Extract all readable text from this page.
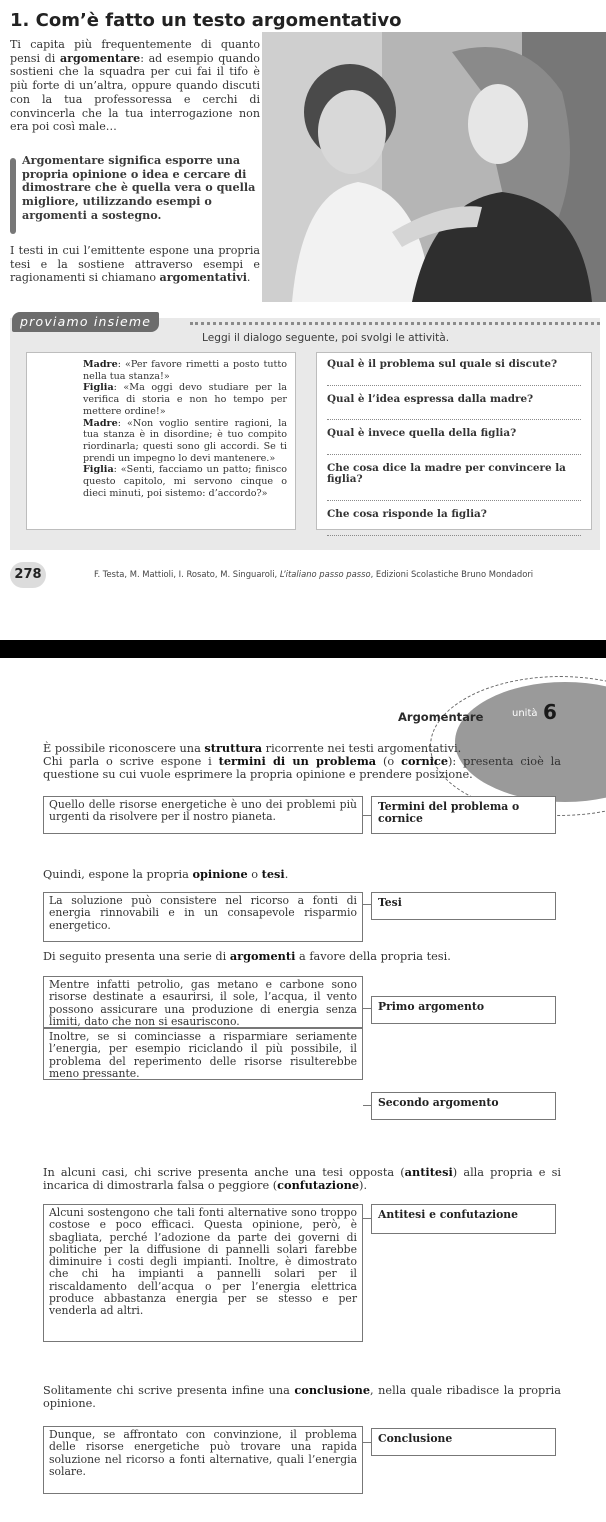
1. Com’è fatto un testo argomentativo
Ti capita più frequentemente di quanto pensi di argomentare: ad esempio quando sostieni che la squadra per cui fai il tifo è più forte di un’altra, oppure quando discuti con la tua professoressa e cerchi di convincerla che la tua interrogazione non era poi così male…
Argomentare significa esporre una propria opinione o idea e cercare di dimostrare che è quella vera o quella migliore, utilizzando esempi o argomenti a sostegno.
I testi in cui l’emittente espone una propria tesi e la sostiene attraverso esempi e ragionamenti si chiamano argomentativi.
proviamo insieme
Leggi il dialogo seguente, poi svolgi le attività.
Madre: «Per favore rimetti a posto tutto nella tua stanza!»
Figlia: «Ma oggi devo studiare per la verifica di storia e non ho tempo per mettere ordine!»
Madre: «Non voglio sentire ragioni, la tua stanza è in disordine; è tuo compito riordinarla; questi sono gli accordi. Se ti prendi un impegno lo devi mantenere.»
Figlia: «Senti, facciamo un patto; finisco questo capitolo, mi servono cinque o dieci minuti, poi sistemo: d’accordo?»
Qual è il problema sul quale si discute?
Qual è l’idea espressa dalla madre?
Qual è invece quella della figlia?
Che cosa dice la madre per convincere la figlia?
Che cosa risponde la figlia?
278	F. Testa, M. Mattioli, I. Rosato, M. Singuaroli, L’italiano passo passo, Edizioni Scolastiche Bruno Mondadori
Argomentare	unità 6
È possibile riconoscere una struttura ricorrente nei testi argomentativi.
Chi parla o scrive espone i termini di un problema (o cornice): presenta cioè la questione su cui vuole esprimere la propria opinione e prendere posizione.
Quello delle risorse energetiche è uno dei problemi più urgenti da risolvere per il nostro pianeta.
Termini del problema o cornice
Quindi, espone la propria opinione o tesi.
La soluzione può consistere nel ricorso a fonti di energia rinnovabili e in un consapevole risparmio energetico.
Tesi
Di seguito presenta una serie di argomenti a favore della propria tesi.
Mentre infatti petrolio, gas metano e carbone sono risorse destinate a esaurirsi, il sole, l’acqua, il vento possono assicurare una produzione di energia senza limiti, dato che non si esauriscono.
Primo argomento
Inoltre, se si cominciasse a risparmiare seriamente l’energia, per esempio riciclando il più possibile, il problema del reperimento delle risorse risulterebbe meno pressante.
Secondo argomento
In alcuni casi, chi scrive presenta anche una tesi opposta (antitesi) alla propria e si incarica di dimostrarla falsa o peggiore (confutazione).
Alcuni sostengono che tali fonti alternative sono troppo costose e poco efficaci. Questa opinione, però, è sbagliata, perché l’adozione da parte dei governi di politiche per la diffusione di pannelli solari farebbe diminuire i costi degli impianti. Inoltre, è dimostrato che chi ha impianti a pannelli solari per il riscaldamento dell’acqua o per l’energia elettrica produce abbastanza energia per se stesso e per venderla ad altri.
Antitesi e confutazione
Solitamente chi scrive presenta infine una conclusione, nella quale ribadisce la propria opinione.
Dunque, se affrontato con convinzione, il problema delle risorse energetiche può trovare una rapida soluzione nel ricorso a fonti alternative, quali l’energia solare.
Conclusione
